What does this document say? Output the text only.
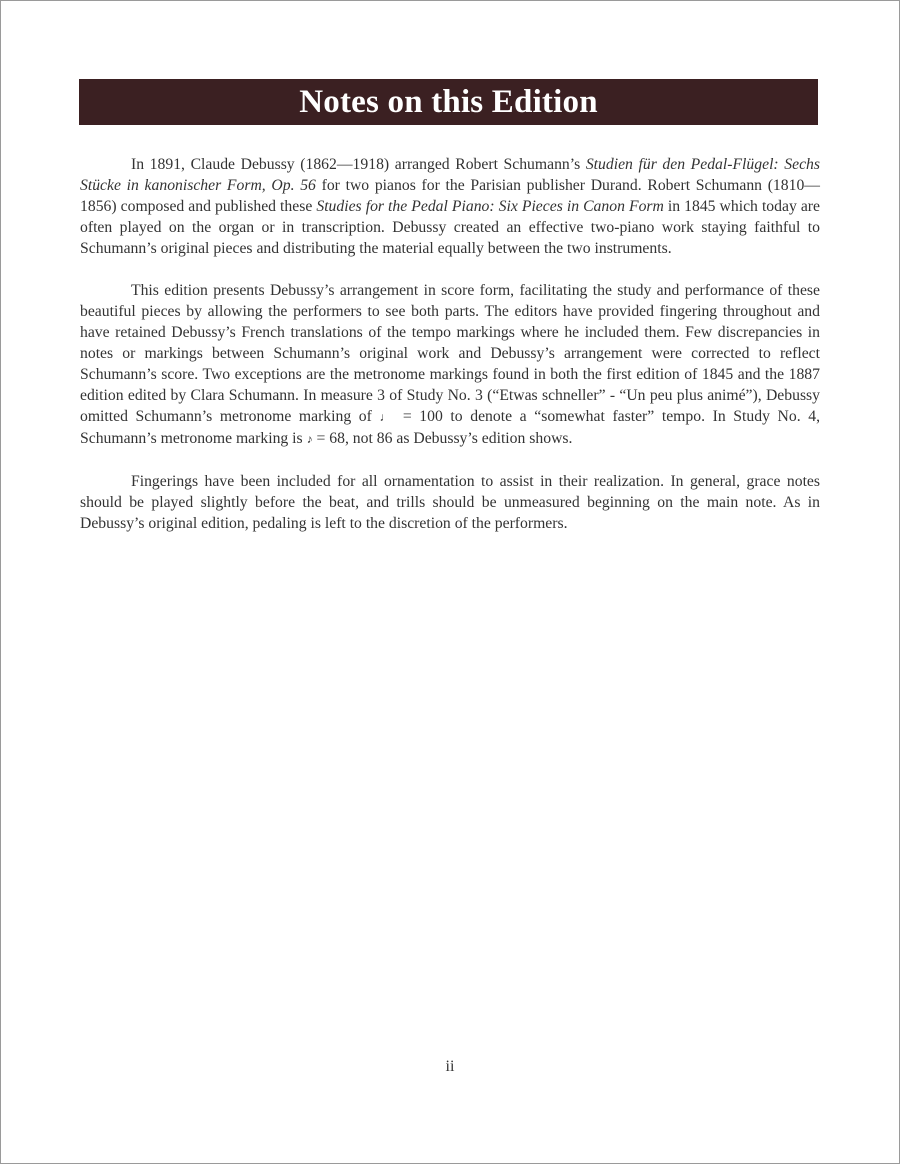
Notes on this Edition

In 1891, Claude Debussy (1862—1918) arranged Robert Schumann’s Studien für den Pedal-Flügel: Sechs Stücke in kanonischer Form, Op. 56 for two pianos for the Parisian publisher Durand. Robert Schumann (1810—1856) composed and published these Studies for the Pedal Piano: Six Pieces in Canon Form in 1845 which today are often played on the organ or in transcription. Debussy created an effective two-piano work staying faithful to Schumann’s original pieces and distributing the material equally between the two instruments.

This edition presents Debussy’s arrangement in score form, facilitating the study and performance of these beautiful pieces by allowing the performers to see both parts. The editors have provided fingering throughout and have retained Debussy’s French translations of the tempo markings where he included them. Few discrepancies in notes or markings between Schumann’s original work and Debussy’s arrangement were corrected to reflect Schumann’s score. Two exceptions are the metronome markings found in both the first edition of 1845 and the 1887 edition edited by Clara Schumann. In measure 3 of Study No. 3 (“Etwas schneller” - “Un peu plus animé”), Debussy omitted Schumann’s metronome marking of ♩ = 100 to denote a “somewhat faster” tempo. In Study No. 4, Schumann’s metronome marking is ♪ = 68, not 86 as Debussy’s edition shows.

Fingerings have been included for all ornamentation to assist in their realization. In general, grace notes should be played slightly before the beat, and trills should be unmeasured beginning on the main note. As in Debussy’s original edition, pedaling is left to the discretion of the performers.

ii
